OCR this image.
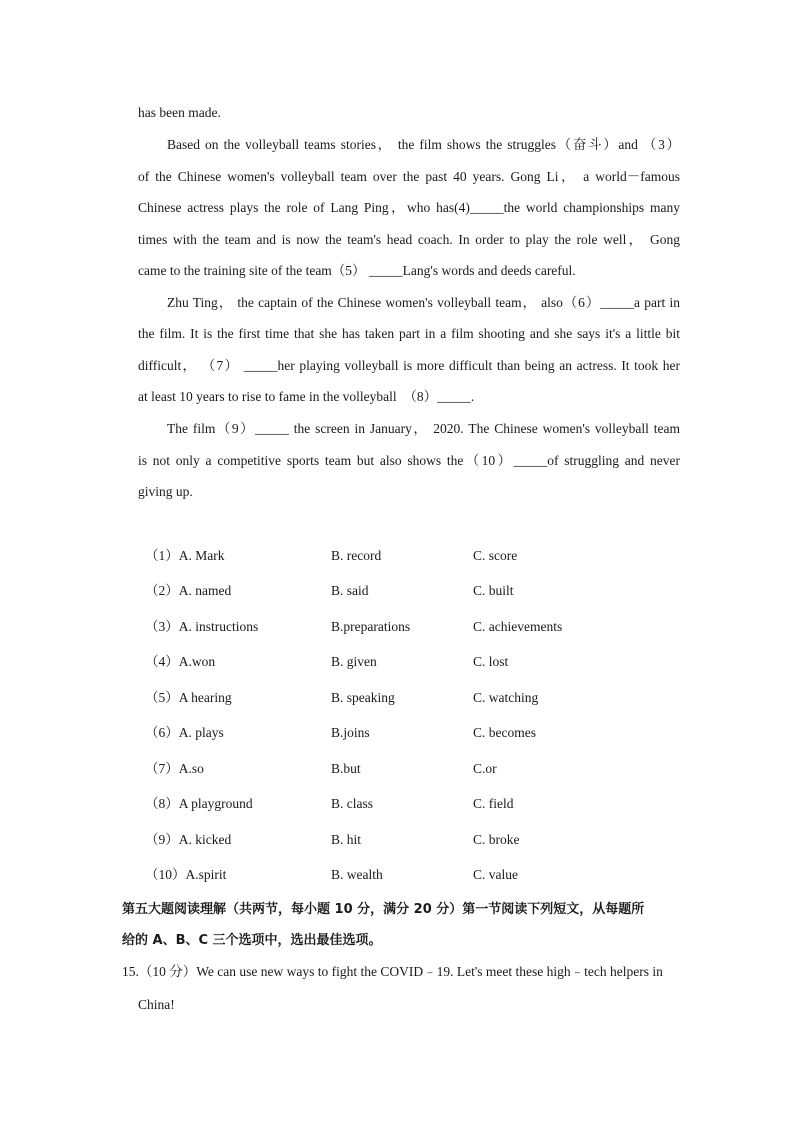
has been made.
Based on the volleyball teams stories， the film shows the struggles（奋斗）and （3）
of the Chinese women's volleyball team over the past 40 years. Gong Li， a world－famous
Chinese actress plays the role of Lang Ping，who has(4)_____the world championships many
times with the team and is now the team's head coach. In order to play the role well， Gong
came to the training site of the team（5） _____Lang's words and deeds careful.
Zhu Ting， the captain of the Chinese women's volleyball team， also（6）_____a part in
the film. It is the first time that she has taken part in a film shooting and she says it's a little bit
difficult， （7） _____her playing volleyball is more difficult than being an actress. It took her
at least 10 years to rise to fame in the volleyball  （8）_____.
The film（9）_____ the screen in January， 2020. The Chinese women's volleyball team
is not only a competitive sports team but also shows the（10）_____of struggling and never
giving up.
（1）A. Mark	B. record	C. score
（2）A. named	B. said	C. built
（3）A. instructions	B.preparations	C. achievements
（4）A.won	B. given	C. lost
（5）A hearing	B. speaking	C. watching
（6）A. plays	B.joins	C. becomes
（7）A.so	B.but	C.or
（8）A playground	B. class	C. field
（9）A. kicked	B. hit	C. broke
（10）A.spirit	B. wealth	C. value
第五大题阅读理解（共两节，每小题 10 分，满分 20 分）第一节阅读下列短文，从每题所
给的 A、B、C 三个选项中，选出最佳选项。
15.（10 分）We can use new ways to fight the COVID﹣19. Let's meet these high﹣tech helpers in
China!
